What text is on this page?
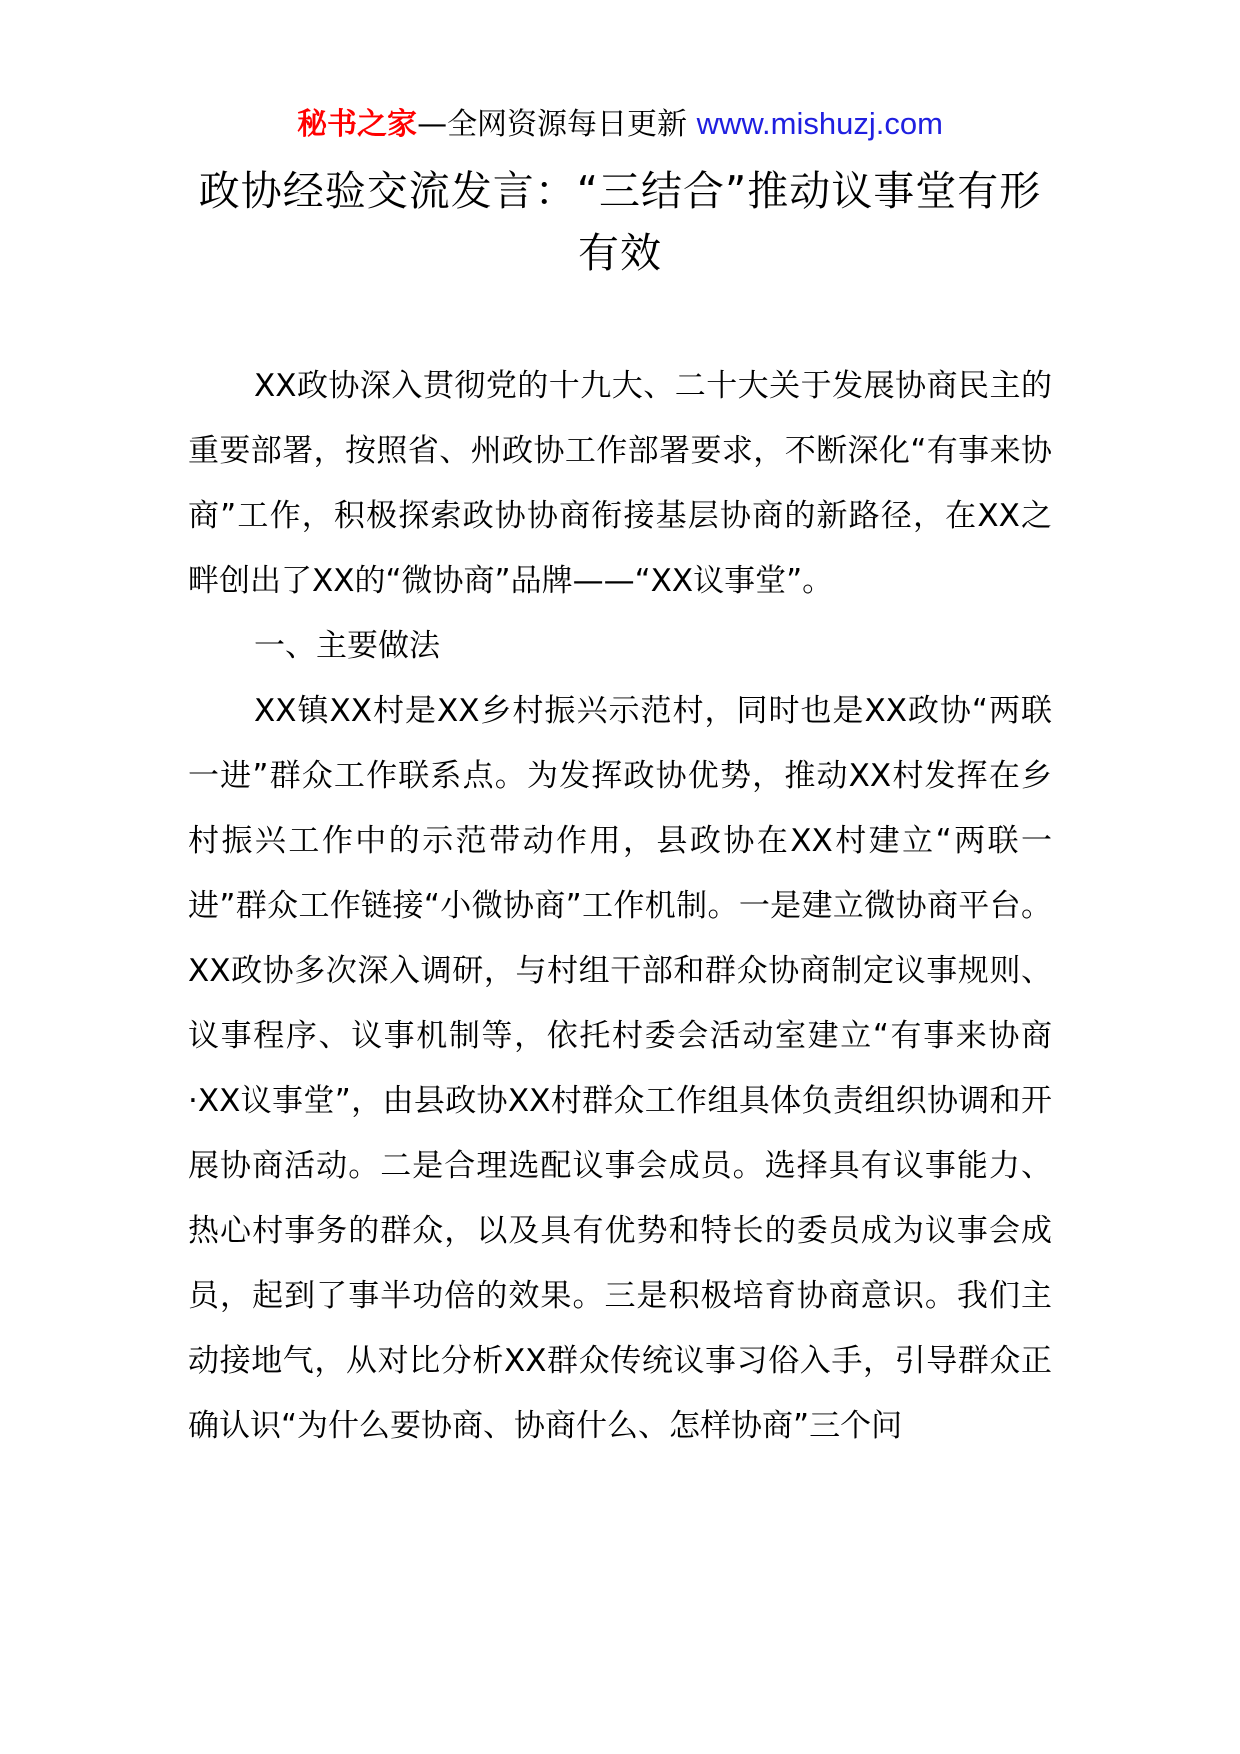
秘书之家—全网资源每日更新 www.mishuzj.com
政协经验交流发言：“三结合”推动议事堂有形有效

XX政协深入贯彻党的十九大、二十大关于发展协商民主的重要部署，按照省、州政协工作部署要求，不断深化“有事来协商”工作，积极探索政协协商衔接基层协商的新路径，在XX之畔创出了XX的“微协商”品牌——“XX议事堂”。

一、主要做法

XX镇XX村是XX乡村振兴示范村，同时也是XX政协“两联一进”群众工作联系点。为发挥政协优势，推动XX村发挥在乡村振兴工作中的示范带动作用，县政协在XX村建立“两联一进”群众工作链接“小微协商”工作机制。一是建立微协商平台。XX政协多次深入调研，与村组干部和群众协商制定议事规则、议事程序、议事机制等，依托村委会活动室建立“有事来协商·XX议事堂”，由县政协XX村群众工作组具体负责组织协调和开展协商活动。二是合理选配议事会成员。选择具有议事能力、热心村事务的群众，以及具有优势和特长的委员成为议事会成员，起到了事半功倍的效果。三是积极培育协商意识。我们主动接地气，从对比分析XX群众传统议事习俗入手，引导群众正确认识“为什么要协商、协商什么、怎样协商”三个问
